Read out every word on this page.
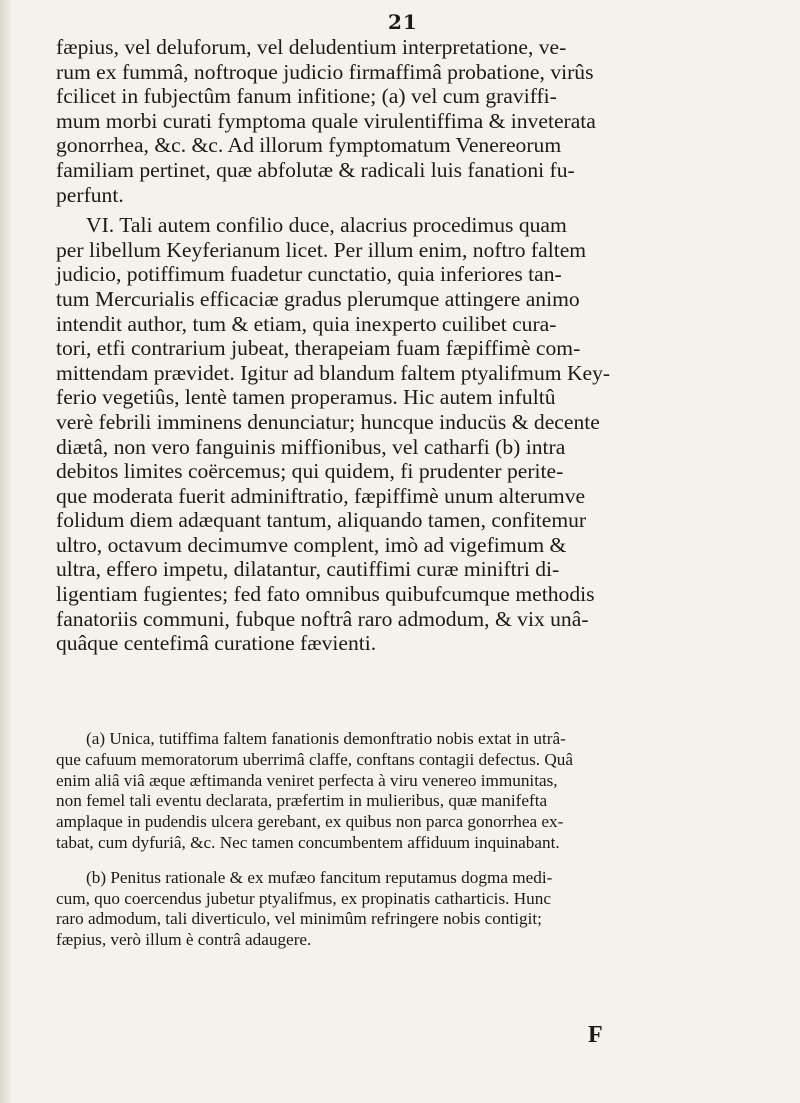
21
fæpius, vel deluforum, vel deludentium interpretatione, ve-
rum ex fummâ, noftroque judicio firmaffimâ probatione, virûs
fcilicet in fubjectûm fanum infitione; (a) vel cum graviffi-
mum morbi curati fymptoma quale virulentiffima & inveterata
gonorrhea, &c. &c. Ad illorum fymptomatum Venereorum
familiam pertinet, quæ abfolutæ & radicali luis fanationi fu-
perfunt.
VI. Tali autem confilio duce, alacrius procedimus quam
per libellum Keyferianum licet. Per illum enim, noftro faltem
judicio, potiffimum fuadetur cunctatio, quia inferiores tan-
tum Mercurialis efficaciæ gradus plerumque attingere animo
intendit author, tum & etiam, quia inexperto cuilibet cura-
tori, etfi contrarium jubeat, therapeiam fuam fæpiffimè com-
mittendam prævidet. Igitur ad blandum faltem ptyalifmum Key-
ferio vegetiûs, lentè tamen properamus. Hic autem infultû
verè febrili imminens denunciatur; huncque inducüs & decente
diætâ, non vero fanguinis miffionibus, vel catharfi (b) intra
debitos limites coërcemus; qui quidem, fi prudenter perite-
que moderata fuerit adminiftratio, fæpiffimè unum alterumve
folidum diem adæquant tantum, aliquando tamen, confitemur
ultro, octavum decimumve complent, imò ad vigefimum &
ultra, effero impetu, dilatantur, cautiffimi curæ miniftri di-
ligentiam fugientes; fed fato omnibus quibufcumque methodis
fanatoriis communi, fubque noftrâ raro admodum, & vix unâ-
quâque centefimâ curatione fævienti.
(a) Unica, tutiffima faltem fanationis demonftratio nobis extat in utrâ-
que cafuum memoratorum uberrimâ claffe, conftans contagii defectus. Quâ
enim aliâ viâ æque æftimanda veniret perfecta à viru venereo immunitas,
non femel tali eventu declarata, præfertim in mulieribus, quæ manifefta
amplaque in pudendis ulcera gerebant, ex quibus non parca gonorrhea ex-
tabat, cum dyfuriâ, &c. Nec tamen concumbentem affiduum inquinabant.
(b) Penitus rationale & ex mufæo fancitum reputamus dogma medi-
cum, quo coercendus jubetur ptyalifmus, ex propinatis catharticis. Hunc
raro admodum, tali diverticulo, vel minimûm refringere nobis contigit;
fæpius, verò illum è contrâ adaugere.
F
